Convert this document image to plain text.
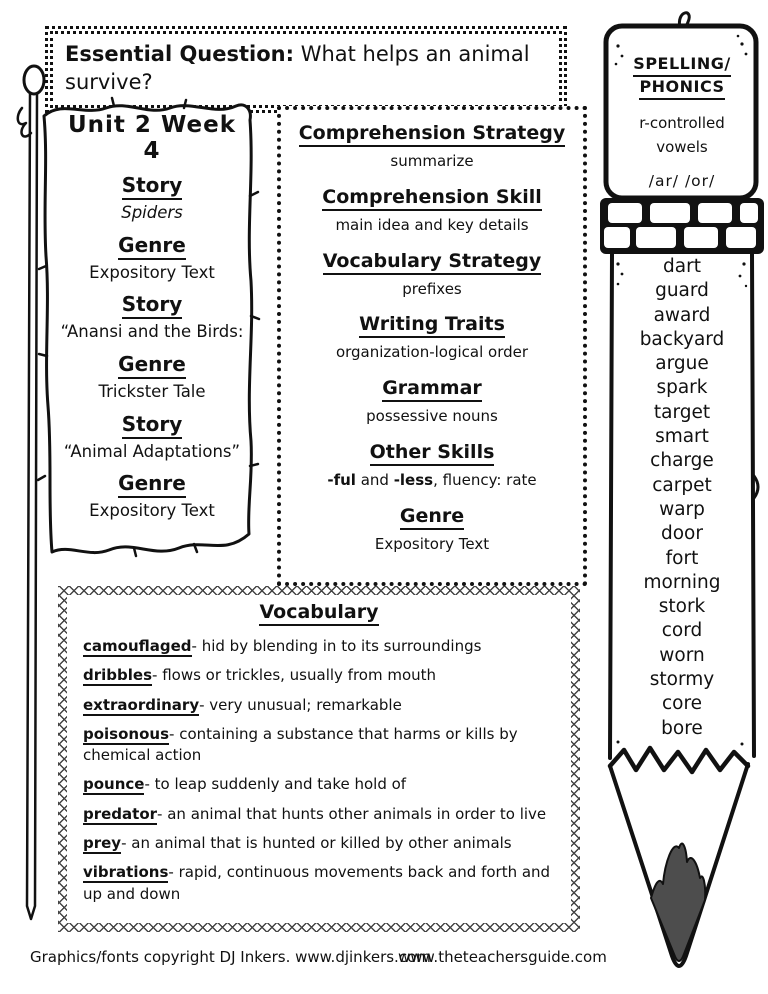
Essential Question: What helps an animal survive?
Unit 2 Week 4
Story
Spiders
Genre
Expository Text
Story
“Anansi and the Birds:
Genre
Trickster Tale
Story
“Animal Adaptations”
Genre
Expository Text
Comprehension Strategy
summarize
Comprehension Skill
main idea and key details
Vocabulary Strategy
prefixes
Writing Traits
organization-logical order
Grammar
possessive nouns
Other Skills
-ful and -less, fluency: rate
Genre
Expository Text
Vocabulary
camouflaged- hid by blending in to its surroundings
dribbles- flows or trickles, usually from mouth
extraordinary- very unusual; remarkable
poisonous- containing a substance that harms or kills by chemical action
pounce- to leap suddenly and take hold of
predator- an animal that hunts other animals in order to live
prey- an animal that is hunted or killed by other animals
vibrations- rapid, continuous movements back and forth and up and down
SPELLING/
PHONICS
r-controlled
vowels
/ar/ /or/
dart
guard
award
backyard
argue
spark
target
smart
charge
carpet
warp
door
fort
morning
stork
cord
worn
stormy
core
bore
Graphics/fonts copyright DJ Inkers. www.djinkers.com
www.theteachersguide.com
